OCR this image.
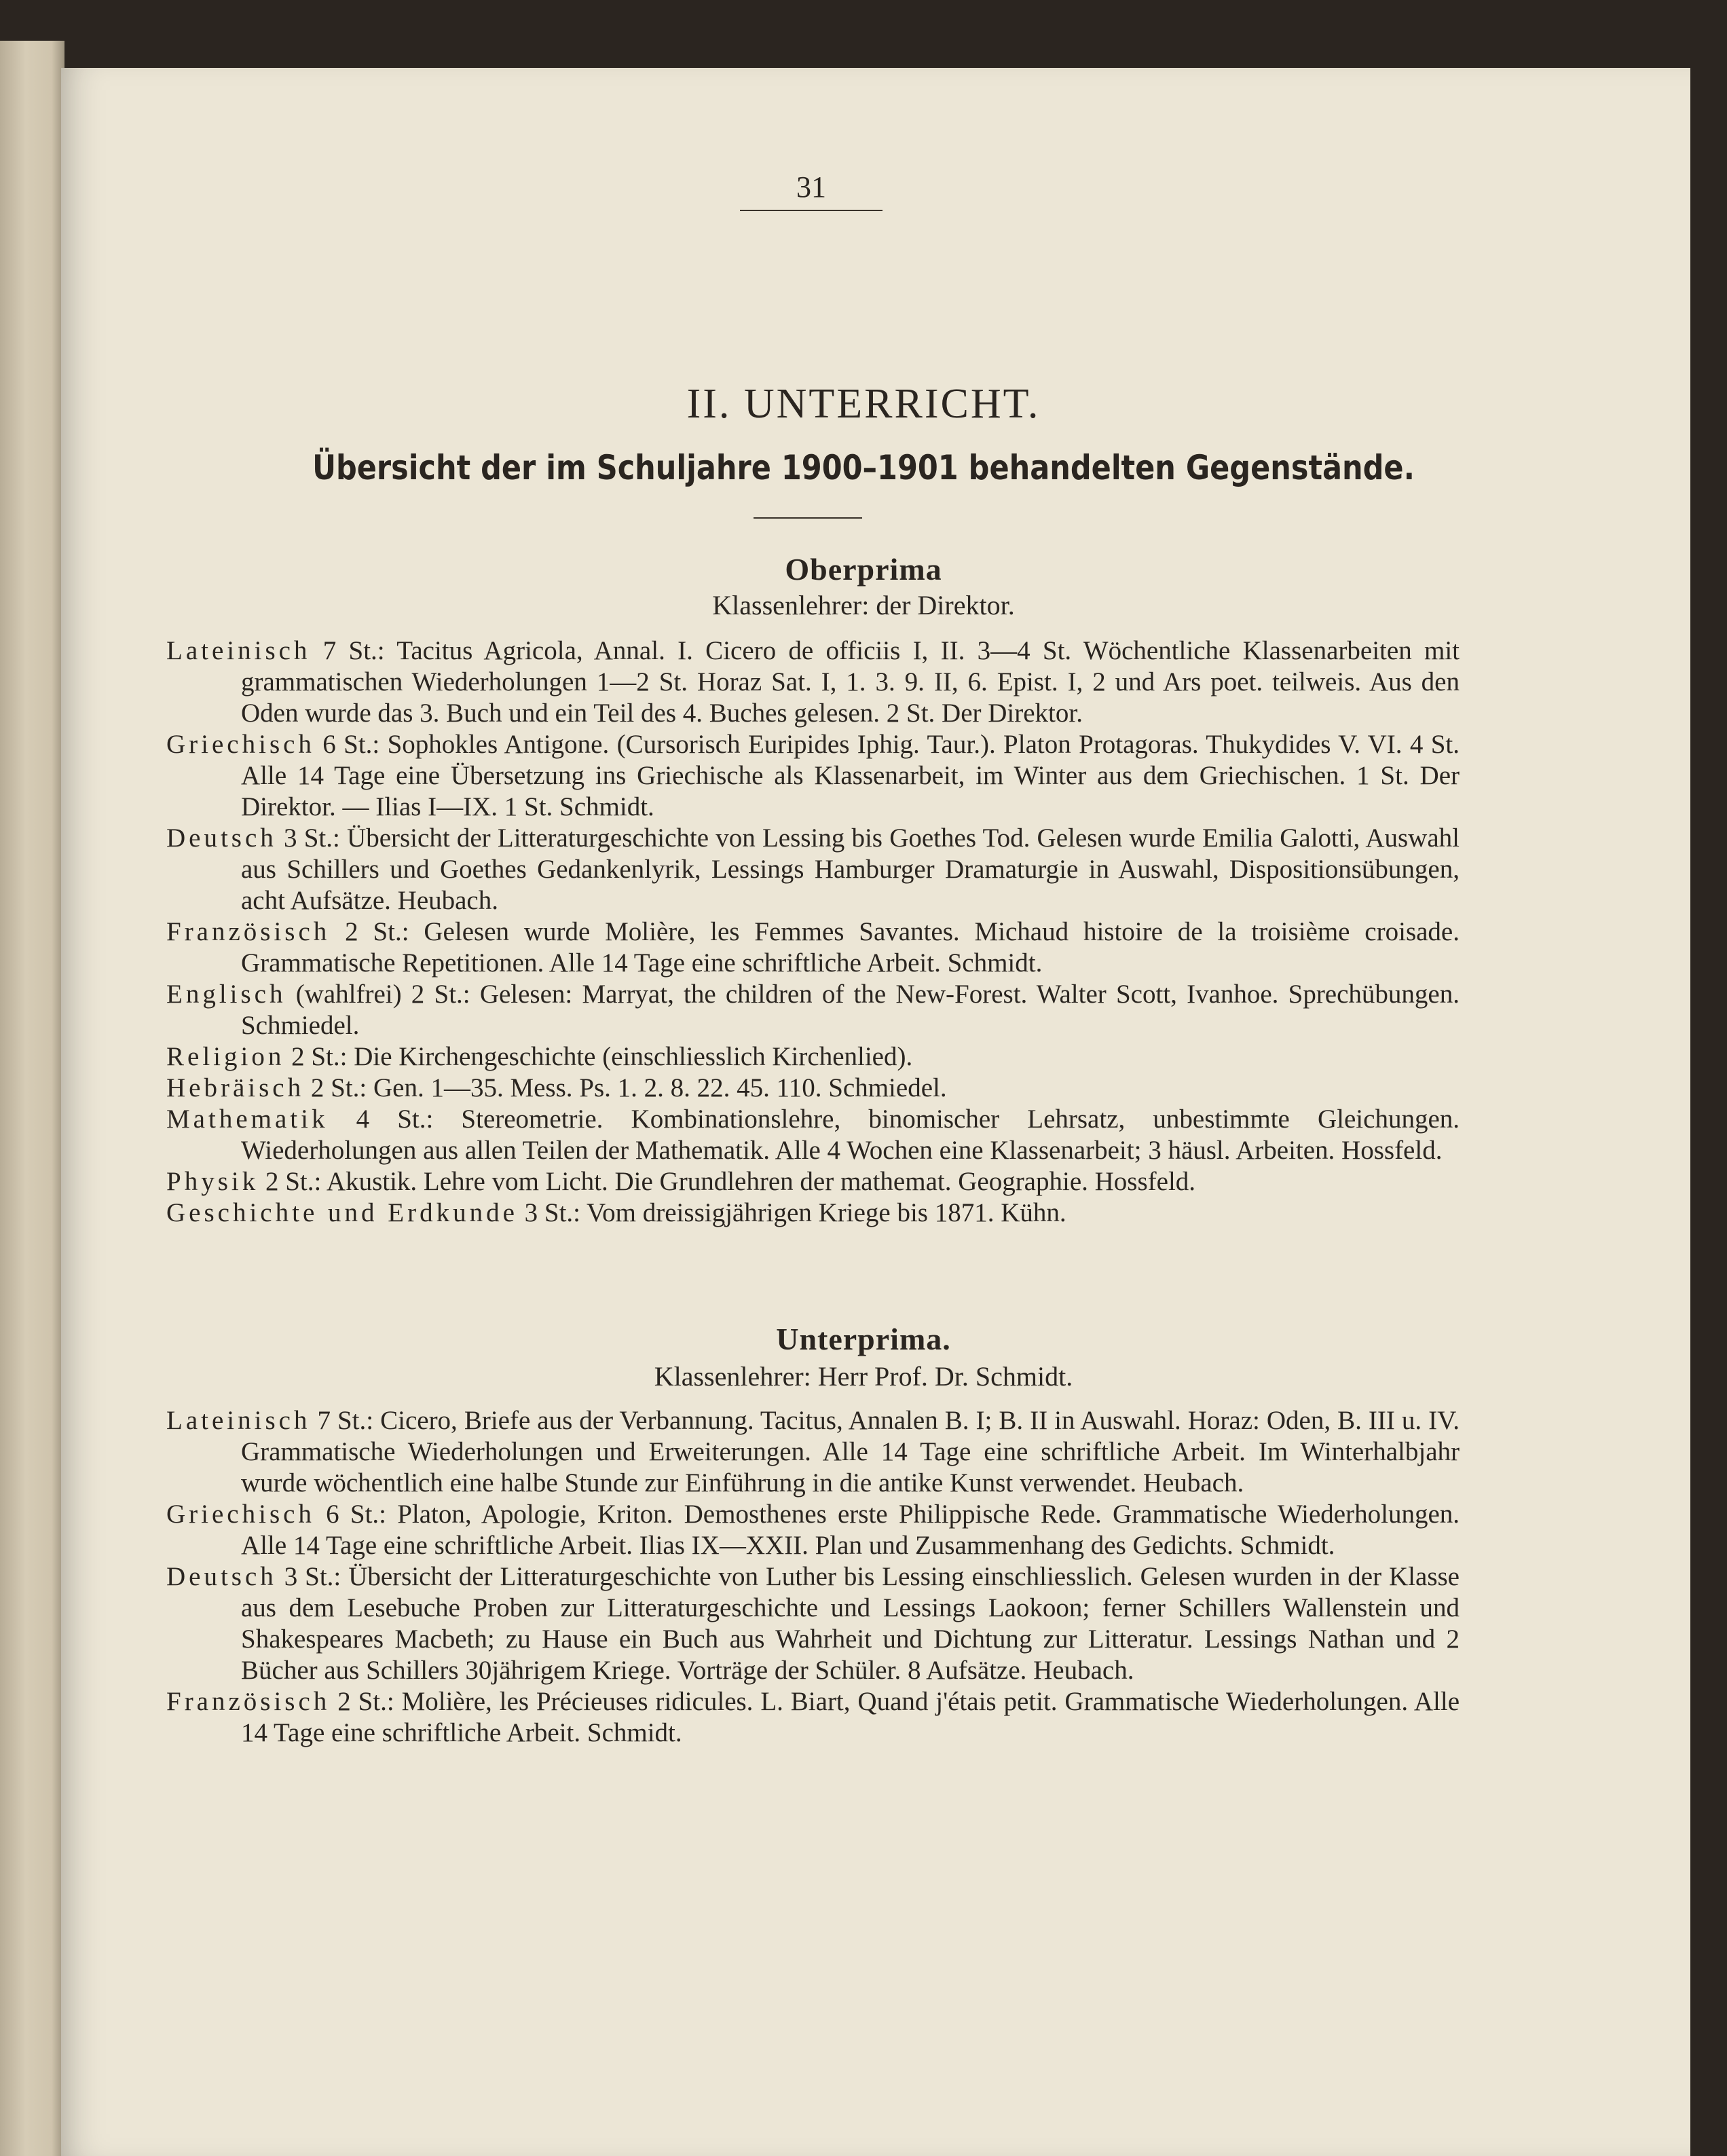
31
II. UNTERRICHT.
Übersicht der im Schuljahre 1900–1901 behandelten Gegenstände.
Oberprima
Klassenlehrer: der Direktor.
Lateinisch 7 St.: Tacitus Agricola, Annal. I. Cicero de officiis I, II. 3—4 St. Wöchentliche Klassenarbeiten mit grammatischen Wiederholungen 1—2 St. Horaz Sat. I, 1. 3. 9. II, 6. Epist. I, 2 und Ars poet. teilweis. Aus den Oden wurde das 3. Buch und ein Teil des 4. Buches gelesen. 2 St. Der Direktor.
Griechisch 6 St.: Sophokles Antigone. (Cursorisch Euripides Iphig. Taur.). Platon Protagoras. Thukydides V. VI. 4 St. Alle 14 Tage eine Übersetzung ins Griechische als Klassenarbeit, im Winter aus dem Griechischen. 1 St. Der Direktor. — Ilias I—IX. 1 St. Schmidt.
Deutsch 3 St.: Übersicht der Litteraturgeschichte von Lessing bis Goethes Tod. Gelesen wurde Emilia Galotti, Auswahl aus Schillers und Goethes Gedankenlyrik, Lessings Hamburger Dramaturgie in Auswahl, Dispositionsübungen, acht Aufsätze. Heubach.
Französisch 2 St.: Gelesen wurde Molière, les Femmes Savantes. Michaud histoire de la troisième croisade. Grammatische Repetitionen. Alle 14 Tage eine schriftliche Arbeit. Schmidt.
Englisch (wahlfrei) 2 St.: Gelesen: Marryat, the children of the New-Forest. Walter Scott, Ivanhoe. Sprechübungen. Schmiedel.
Religion 2 St.: Die Kirchengeschichte (einschliesslich Kirchenlied).
Hebräisch 2 St.: Gen. 1—35. Mess. Ps. 1. 2. 8. 22. 45. 110. Schmiedel.
Mathematik 4 St.: Stereometrie. Kombinationslehre, binomischer Lehrsatz, unbestimmte Gleichungen. Wiederholungen aus allen Teilen der Mathematik. Alle 4 Wochen eine Klassenarbeit; 3 häusl. Arbeiten. Hossfeld.
Physik 2 St.: Akustik. Lehre vom Licht. Die Grundlehren der mathemat. Geographie. Hossfeld.
Geschichte und Erdkunde 3 St.: Vom dreissigjährigen Kriege bis 1871. Kühn.
Unterprima.
Klassenlehrer: Herr Prof. Dr. Schmidt.
Lateinisch 7 St.: Cicero, Briefe aus der Verbannung. Tacitus, Annalen B. I; B. II in Auswahl. Horaz: Oden, B. III u. IV. Grammatische Wiederholungen und Erweiterungen. Alle 14 Tage eine schriftliche Arbeit. Im Winterhalbjahr wurde wöchentlich eine halbe Stunde zur Einführung in die antike Kunst verwendet. Heubach.
Griechisch 6 St.: Platon, Apologie, Kriton. Demosthenes erste Philippische Rede. Grammatische Wiederholungen. Alle 14 Tage eine schriftliche Arbeit. Ilias IX—XXII. Plan und Zusammenhang des Gedichts. Schmidt.
Deutsch 3 St.: Übersicht der Litteraturgeschichte von Luther bis Lessing einschliesslich. Gelesen wurden in der Klasse aus dem Lesebuche Proben zur Litteraturgeschichte und Lessings Laokoon; ferner Schillers Wallenstein und Shakespeares Macbeth; zu Hause ein Buch aus Wahrheit und Dichtung zur Litteratur. Lessings Nathan und 2 Bücher aus Schillers 30jährigem Kriege. Vorträge der Schüler. 8 Aufsätze. Heubach.
Französisch 2 St.: Molière, les Précieuses ridicules. L. Biart, Quand j'étais petit. Grammatische Wiederholungen. Alle 14 Tage eine schriftliche Arbeit. Schmidt.
